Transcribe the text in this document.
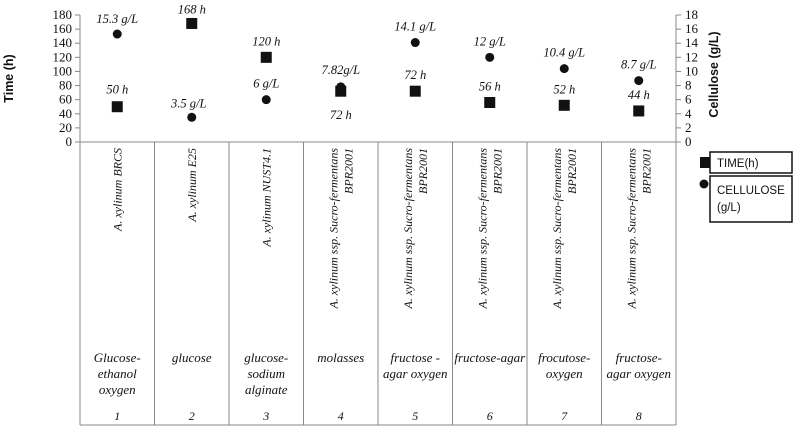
Time (h)	Cellulose (g/L)
0
20
40
60
80
100
120
140
160
180
0
2
4
6
8
10
12
14
16
18
A. xylinum BRCS
Glucose-
ethanol
oxygen
1
A. xylinum E25
glucose
2
A. xylinum NUST4.1
glucose-
sodium
alginate
3
A. xylinum ssp. Sucro-fermentans BPR2001
molasses
4
A. xylinum ssp. Sucro-fermentans BPR2001
fructose -
agar oxygen
5
A. xylinum ssp. Sucro-fermentans BPR2001
fructose-agar
6
A. xylinum ssp. Sucro-fermentans BPR2001
frocutose-
oxygen
7
A. xylinum ssp. Sucro-fermentans BPR2001
fructose-
agar oxygen
8
50 h
168 h
120 h
72 h
72 h
56 h	52 h	44 h
15.3 g/L
3.5 g/L
6 g/L
7.82g/L
14.1 g/L
12 g/L
10.4 g/L
8.7 g/L
TIME(h)
CELLULOSE
(g/L)
